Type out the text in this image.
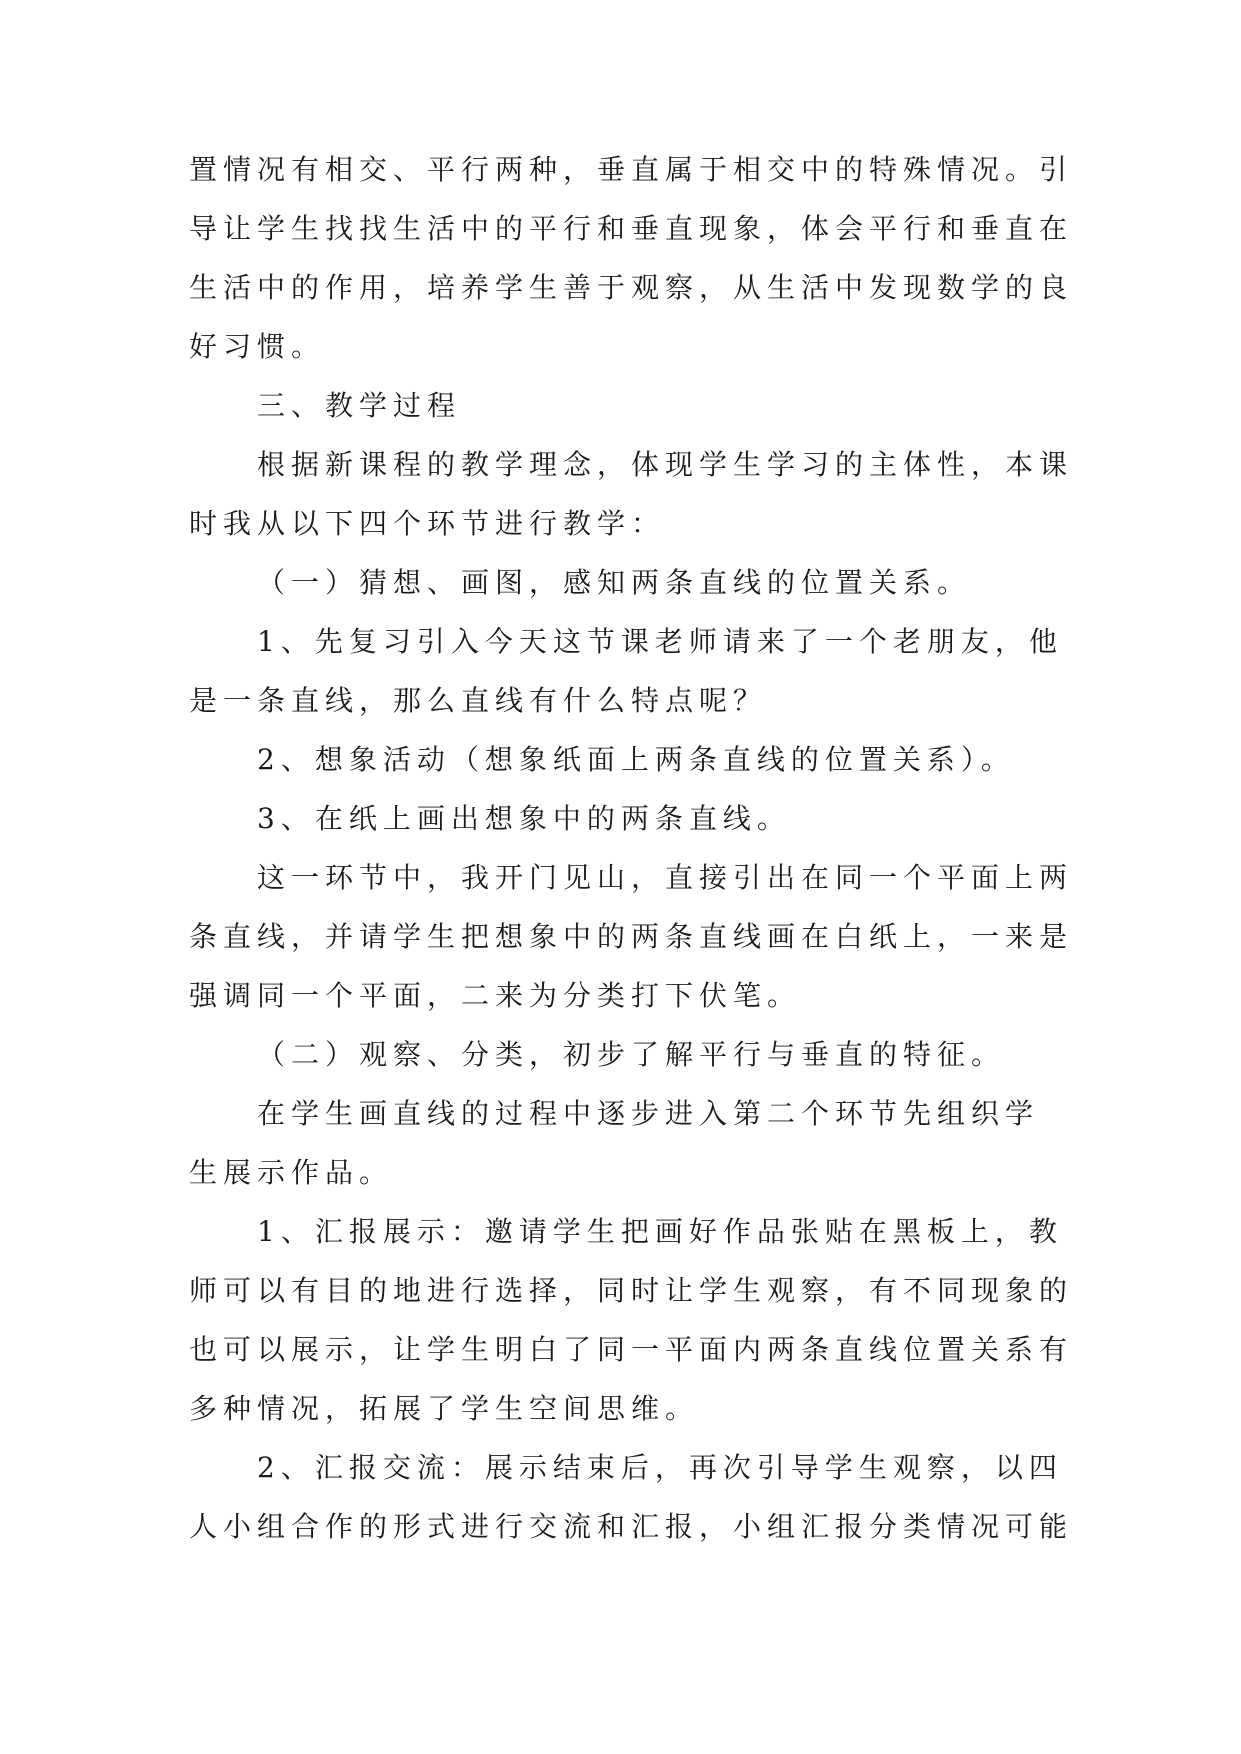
置情况有相交、平行两种，垂直属于相交中的特殊情况。引
导让学生找找生活中的平行和垂直现象，体会平行和垂直在
生活中的作用，培养学生善于观察，从生活中发现数学的良
好习惯。
三、教学过程
根据新课程的教学理念，体现学生学习的主体性，本课
时我从以下四个环节进行教学：
（一）猜想、画图，感知两条直线的位置关系。
1、先复习引入今天这节课老师请来了一个老朋友，他
是一条直线，那么直线有什么特点呢？
2、想象活动（想象纸面上两条直线的位置关系）。
3、在纸上画出想象中的两条直线。
这一环节中，我开门见山，直接引出在同一个平面上两
条直线，并请学生把想象中的两条直线画在白纸上，一来是
强调同一个平面，二来为分类打下伏笔。
（二）观察、分类，初步了解平行与垂直的特征。
在学生画直线的过程中逐步进入第二个环节先组织学
生展示作品。
1、汇报展示：邀请学生把画好作品张贴在黑板上，教
师可以有目的地进行选择，同时让学生观察，有不同现象的
也可以展示，让学生明白了同一平面内两条直线位置关系有
多种情况，拓展了学生空间思维。
2、汇报交流：展示结束后，再次引导学生观察，以四
人小组合作的形式进行交流和汇报，小组汇报分类情况可能
